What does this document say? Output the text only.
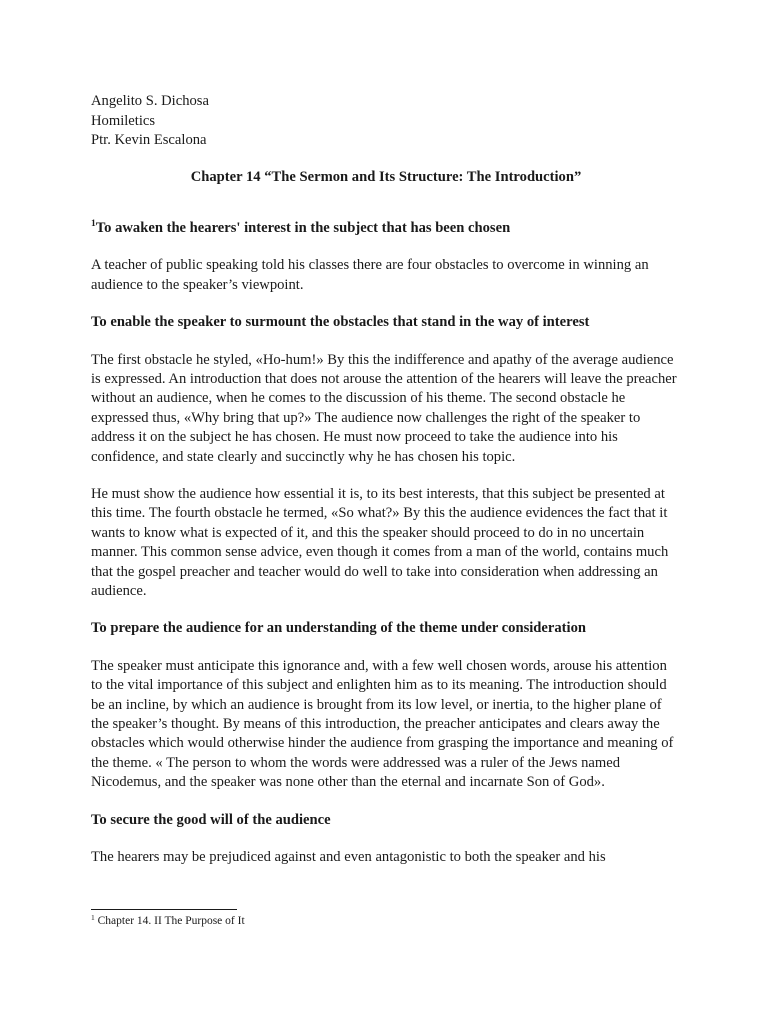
Angelito S. Dichosa
Homiletics
Ptr. Kevin Escalona
Chapter 14 “The Sermon and Its Structure: The Introduction”
$^1$To awaken the hearers' interest in the subject that has been chosen

A teacher of public speaking told his classes there are four obstacles to overcome in winning an audience to the speaker’s viewpoint.

To enable the speaker to surmount the obstacles that stand in the way of interest

The first obstacle he styled, «Ho-hum!» By this the indifference and apathy of the average audience is expressed. An introduction that does not arouse the attention of the hearers will leave the preacher without an audience, when he comes to the discussion of his theme. The second obstacle he expressed thus, «Why bring that up?» The audience now challenges the right of the speaker to address it on the subject he has chosen. He must now proceed to take the audience into his confidence, and state clearly and succinctly why he has chosen his topic.

He must show the audience how essential it is, to its best interests, that this subject be presented at this time. The fourth obstacle he termed, «So what?» By this the audience evidences the fact that it wants to know what is expected of it, and this the speaker should proceed to do in no uncertain manner. This common sense advice, even though it comes from a man of the world, contains much that the gospel preacher and teacher would do well to take into consideration when addressing an audience.

To prepare the audience for an understanding of the theme under consideration

The speaker must anticipate this ignorance and, with a few well chosen words, arouse his attention to the vital importance of this subject and enlighten him as to its meaning. The introduction should be an incline, by which an audience is brought from its low level, or inertia, to the higher plane of the speaker’s thought. By means of this introduction, the preacher anticipates and clears away the obstacles which would otherwise hinder the audience from grasping the importance and meaning of the theme. « The person to whom the words were addressed was a ruler of the Jews named Nicodemus, and the speaker was none other than the eternal and incarnate Son of God».

To secure the good will of the audience

The hearers may be prejudiced against and even antagonistic to both the speaker and his

$^1$ Chapter 14. II The Purpose of It
